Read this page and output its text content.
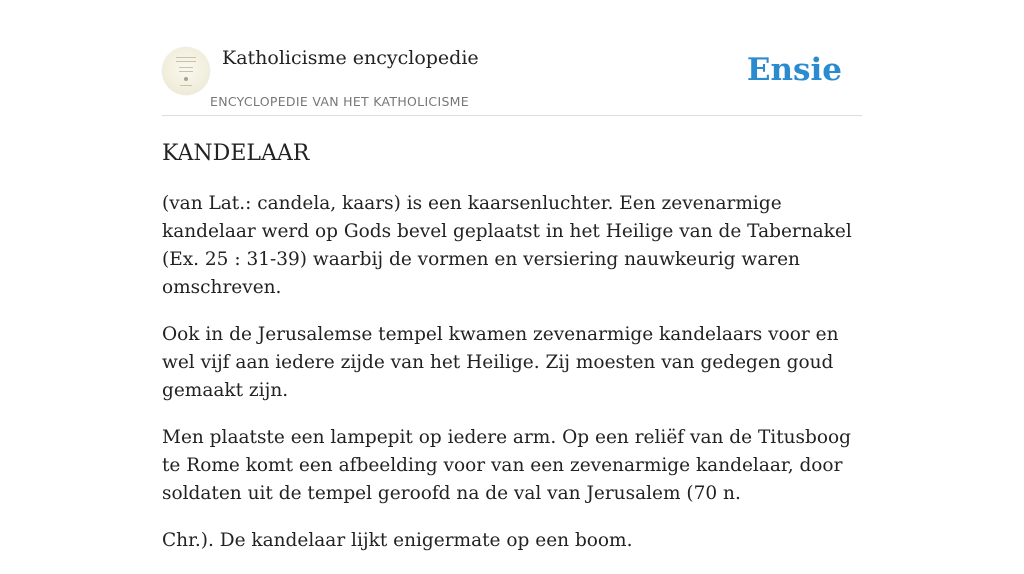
Katholicisme encyclopedie
ENCYCLOPEDIE VAN HET KATHOLICISME
Ensie
KANDELAAR

(van Lat.: candela, kaars) is een kaarsenluchter. Een zevenarmige kandelaar werd op Gods bevel geplaatst in het Heilige van de Tabernakel (Ex. 25 : 31-39) waarbij de vormen en versiering nauwkeurig waren omschreven.

Ook in de Jerusalemse tempel kwamen zevenarmige kandelaars voor en wel vijf aan iedere zijde van het Heilige. Zij moesten van gedegen goud gemaakt zijn.

Men plaatste een lampepit op iedere arm. Op een reliëf van de Titusboog te Rome komt een afbeelding voor van een zevenarmige kandelaar, door soldaten uit de tempel geroofd na de val van Jerusalem (70 n.

Chr.). De kandelaar lijkt enigermate op een boom.
